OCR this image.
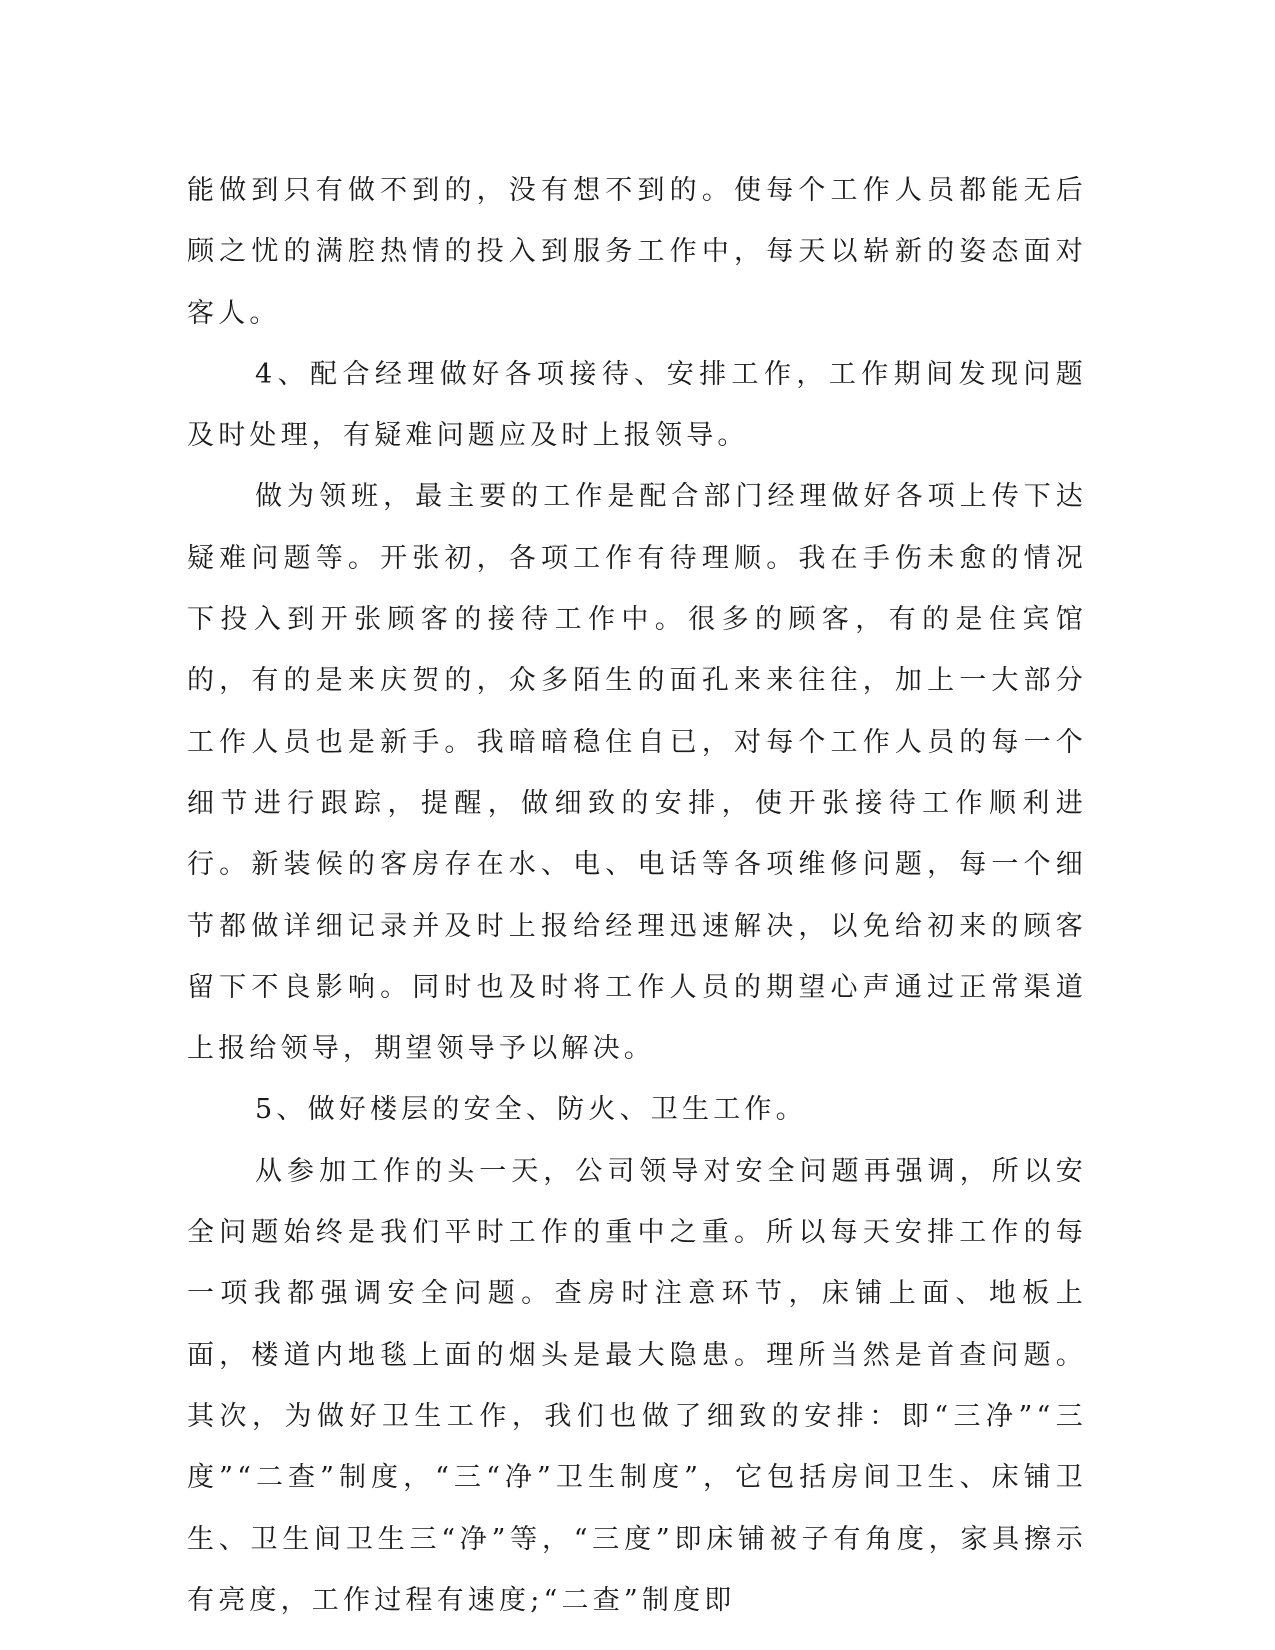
能做到只有做不到的，没有想不到的。使每个工作人员都能无后顾之忧的满腔热情的投入到服务工作中，每天以崭新的姿态面对客人。

4、配合经理做好各项接待、安排工作，工作期间发现问题及时处理，有疑难问题应及时上报领导。

做为领班，最主要的工作是配合部门经理做好各项上传下达疑难问题等。开张初，各项工作有待理顺。我在手伤未愈的情况下投入到开张顾客的接待工作中。很多的顾客，有的是住宾馆的，有的是来庆贺的，众多陌生的面孔来来往往，加上一大部分工作人员也是新手。我暗暗稳住自已，对每个工作人员的每一个细节进行跟踪，提醒，做细致的安排，使开张接待工作顺利进行。新装候的客房存在水、电、电话等各项维修问题，每一个细节都做详细记录并及时上报给经理迅速解决，以免给初来的顾客留下不良影响。同时也及时将工作人员的期望心声通过正常渠道上报给领导，期望领导予以解决。

5、做好楼层的安全、防火、卫生工作。

从参加工作的头一天，公司领导对安全问题再强调，所以安全问题始终是我们平时工作的重中之重。所以每天安排工作的每一项我都强调安全问题。查房时注意环节，床铺上面、地板上面，楼道内地毯上面的烟头是最大隐患。理所当然是首查问题。其次，为做好卫生工作，我们也做了细致的安排：即“三净”“三度”“二查”制度，“三“净”卫生制度”，它包括房间卫生、床铺卫生、卫生间卫生三“净”等，“三度”即床铺被子有角度，家具擦示有亮度，工作过程有速度;“二查”制度即
